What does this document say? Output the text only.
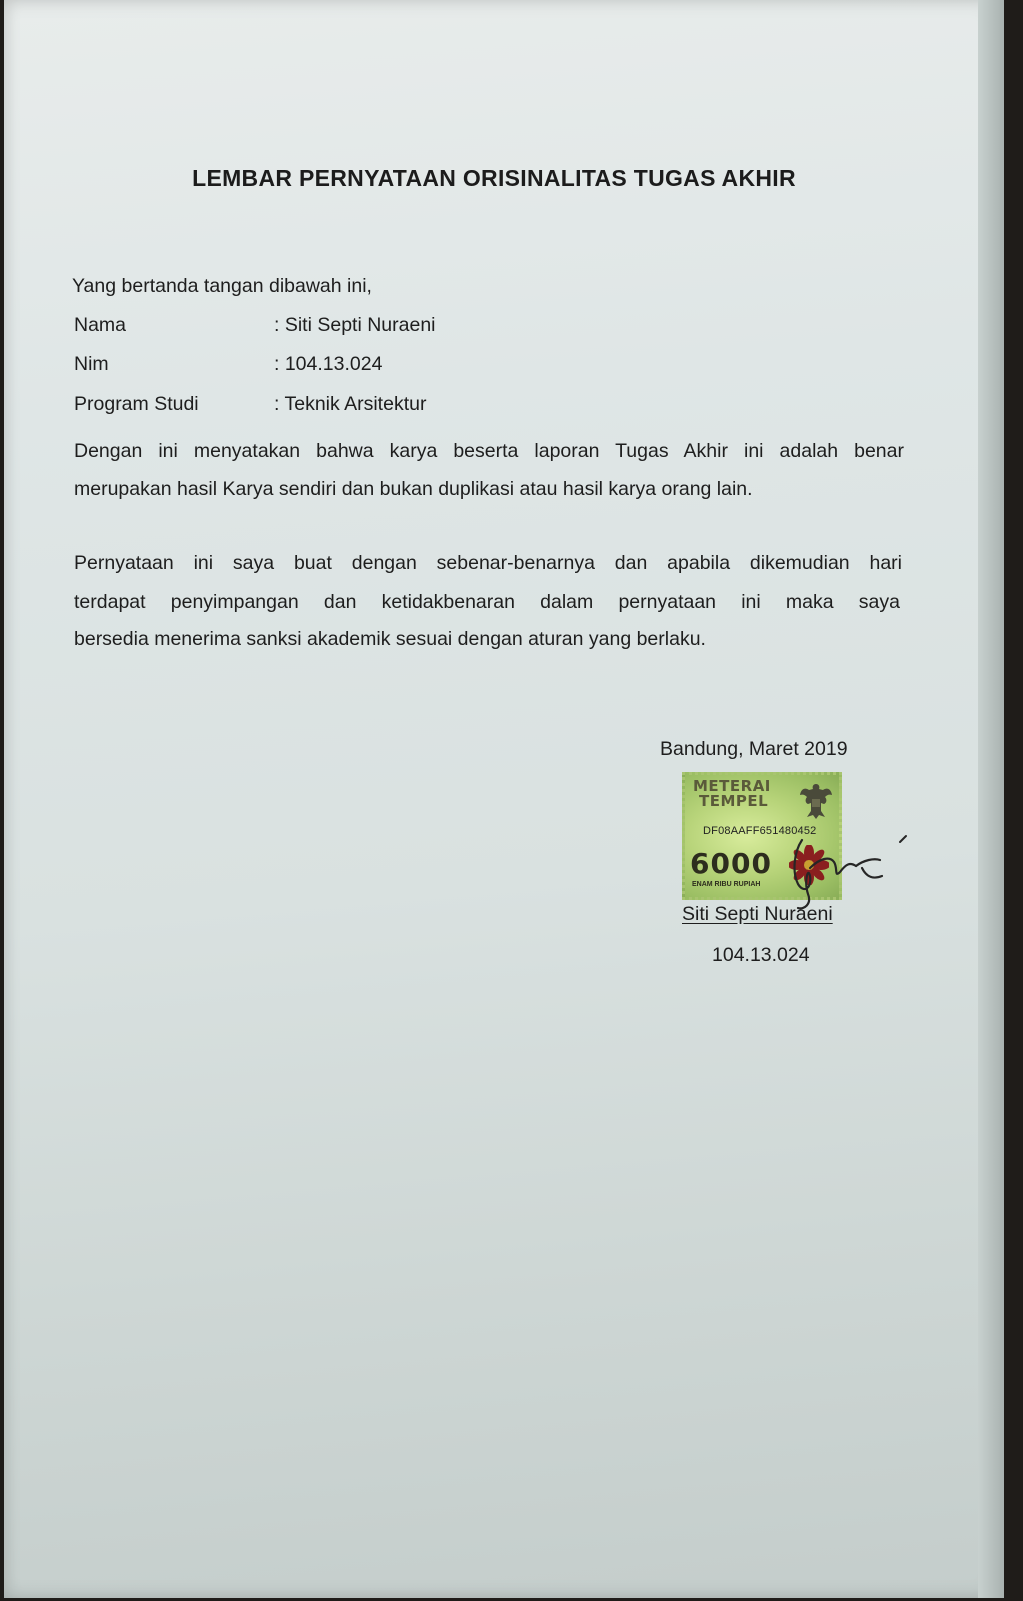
LEMBAR PERNYATAAN ORISINALITAS TUGAS AKHIR
Yang bertanda tangan dibawah ini,
Nama	: Siti Septi Nuraeni
Nim	: 104.13.024
Program Studi	: Teknik Arsitektur
Dengan ini menyatakan bahwa karya beserta laporan Tugas Akhir ini adalah benar
merupakan hasil Karya sendiri dan bukan duplikasi atau hasil karya orang lain.
Pernyataan ini saya buat dengan sebenar-benarnya dan apabila dikemudian hari
terdapat penyimpangan dan ketidakbenaran dalam pernyataan ini maka saya
bersedia menerima sanksi akademik sesuai dengan aturan yang berlaku.
Bandung, Maret 2019
METERAI
TEMPEL
DF08AAFF651480452
6000
ENAM RIBU RUPIAH
Siti Septi Nuraeni
104.13.024
